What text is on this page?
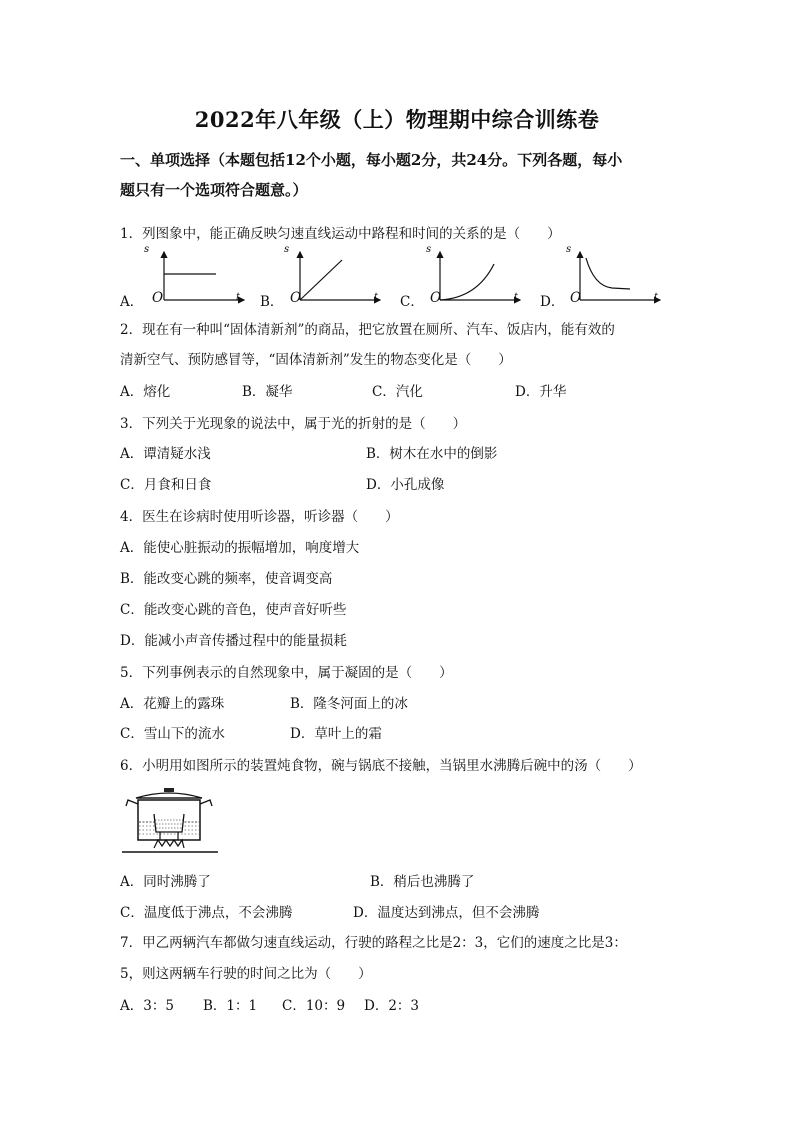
2022年八年级（上）物理期中综合训练卷
一、单项选择（本题包括12个小题，每小题2分，共24分。下列各题，每小
题只有一个选项符合题意。）
1．列图象中，能正确反映匀速直线运动中路程和时间的关系的是（　　）
A．
s
O	t B．
s
O	t C．
s
O	t D．
s
O	t
2．现在有一种叫“固体清新剂”的商品，把它放置在厕所、汽车、饭店内，能有效的
清新空气、预防感冒等，“固体清新剂”发生的物态变化是（　　）
A．熔化	B．凝华	C．汽化	D．升华
3．下列关于光现象的说法中，属于光的折射的是（　　）
A．谭清疑水浅	B．树木在水中的倒影
C．月食和日食	D．小孔成像
4．医生在诊病时使用听诊器，听诊器（　　）
A．能使心脏振动的振幅增加，响度增大
B．能改变心跳的频率，使音调变高
C．能改变心跳的音色，使声音好听些
D．能减小声音传播过程中的能量损耗
5．下列事例表示的自然现象中，属于凝固的是（　　）
A．花瓣上的露珠	B．隆冬河面上的冰
C．雪山下的流水	D．草叶上的霜
6．小明用如图所示的装置炖食物，碗与锅底不接触，当锅里水沸腾后碗中的汤（　　）
A．同时沸腾了	B．稍后也沸腾了
C．温度低于沸点，不会沸腾	D．温度达到沸点，但不会沸腾
7．甲乙两辆汽车都做匀速直线运动，行驶的路程之比是2：3，它们的速度之比是3：
5，则这两辆车行驶的时间之比为（　　）
A．3：5 B．1：1 C．10：9 D．2：3
